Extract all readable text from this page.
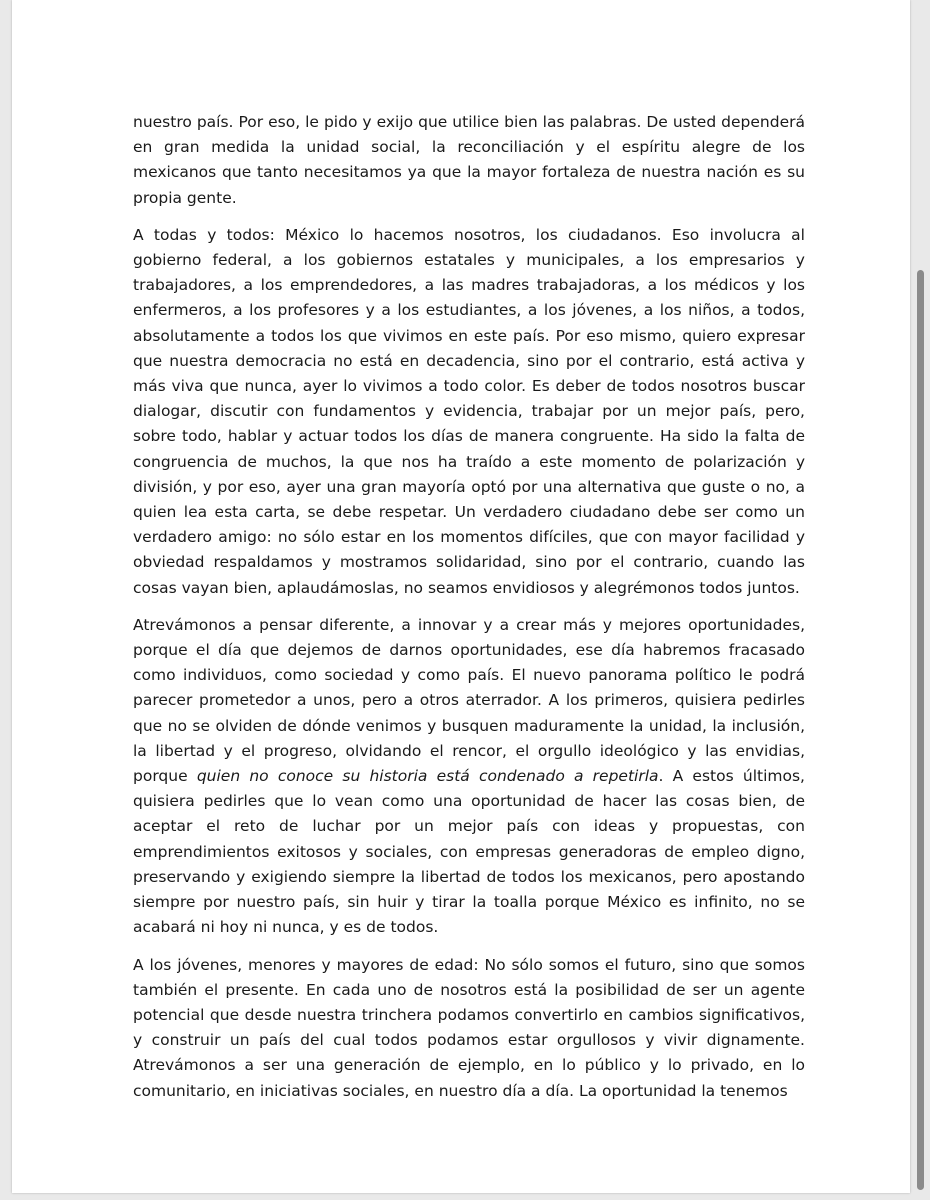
nuestro país. Por eso, le pido y exijo que utilice bien las palabras. De usted dependerá en gran medida la unidad social, la reconciliación y el espíritu alegre de los mexicanos que tanto necesitamos ya que la mayor fortaleza de nuestra nación es su propia gente.

A todas y todos: México lo hacemos nosotros, los ciudadanos. Eso involucra al gobierno federal, a los gobiernos estatales y municipales, a los empresarios y trabajadores, a los emprendedores, a las madres trabajadoras, a los médicos y los enfermeros, a los profesores y a los estudiantes, a los jóvenes, a los niños, a todos, absolutamente a todos los que vivimos en este país. Por eso mismo, quiero expresar que nuestra democracia no está en decadencia, sino por el contrario, está activa y más viva que nunca, ayer lo vivimos a todo color. Es deber de todos nosotros buscar dialogar, discutir con fundamentos y evidencia, trabajar por un mejor país, pero, sobre todo, hablar y actuar todos los días de manera congruente. Ha sido la falta de congruencia de muchos, la que nos ha traído a este momento de polarización y división, y por eso, ayer una gran mayoría optó por una alternativa que guste o no, a quien lea esta carta, se debe respetar. Un verdadero ciudadano debe ser como un verdadero amigo: no sólo estar en los momentos difíciles, que con mayor facilidad y obviedad respaldamos y mostramos solidaridad, sino por el contrario, cuando las cosas vayan bien, aplaudámoslas, no seamos envidiosos y alegrémonos todos juntos.

Atrevámonos a pensar diferente, a innovar y a crear más y mejores oportunidades, porque el día que dejemos de darnos oportunidades, ese día habremos fracasado como individuos, como sociedad y como país. El nuevo panorama político le podrá parecer prometedor a unos, pero a otros aterrador. A los primeros, quisiera pedirles que no se olviden de dónde venimos y busquen maduramente la unidad, la inclusión, la libertad y el progreso, olvidando el rencor, el orgullo ideológico y las envidias, porque quien no conoce su historia está condenado a repetirla. A estos últimos, quisiera pedirles que lo vean como una oportunidad de hacer las cosas bien, de aceptar el reto de luchar por un mejor país con ideas y propuestas, con emprendimientos exitosos y sociales, con empresas generadoras de empleo digno, preservando y exigiendo siempre la libertad de todos los mexicanos, pero apostando siempre por nuestro país, sin huir y tirar la toalla porque México es infinito, no se acabará ni hoy ni nunca, y es de todos.

A los jóvenes, menores y mayores de edad: No sólo somos el futuro, sino que somos también el presente. En cada uno de nosotros está la posibilidad de ser un agente potencial que desde nuestra trinchera podamos convertirlo en cambios significativos, y construir un país del cual todos podamos estar orgullosos y vivir dignamente. Atrevámonos a ser una generación de ejemplo, en lo público y lo privado, en lo comunitario, en iniciativas sociales, en nuestro día a día. La oportunidad la tenemos
